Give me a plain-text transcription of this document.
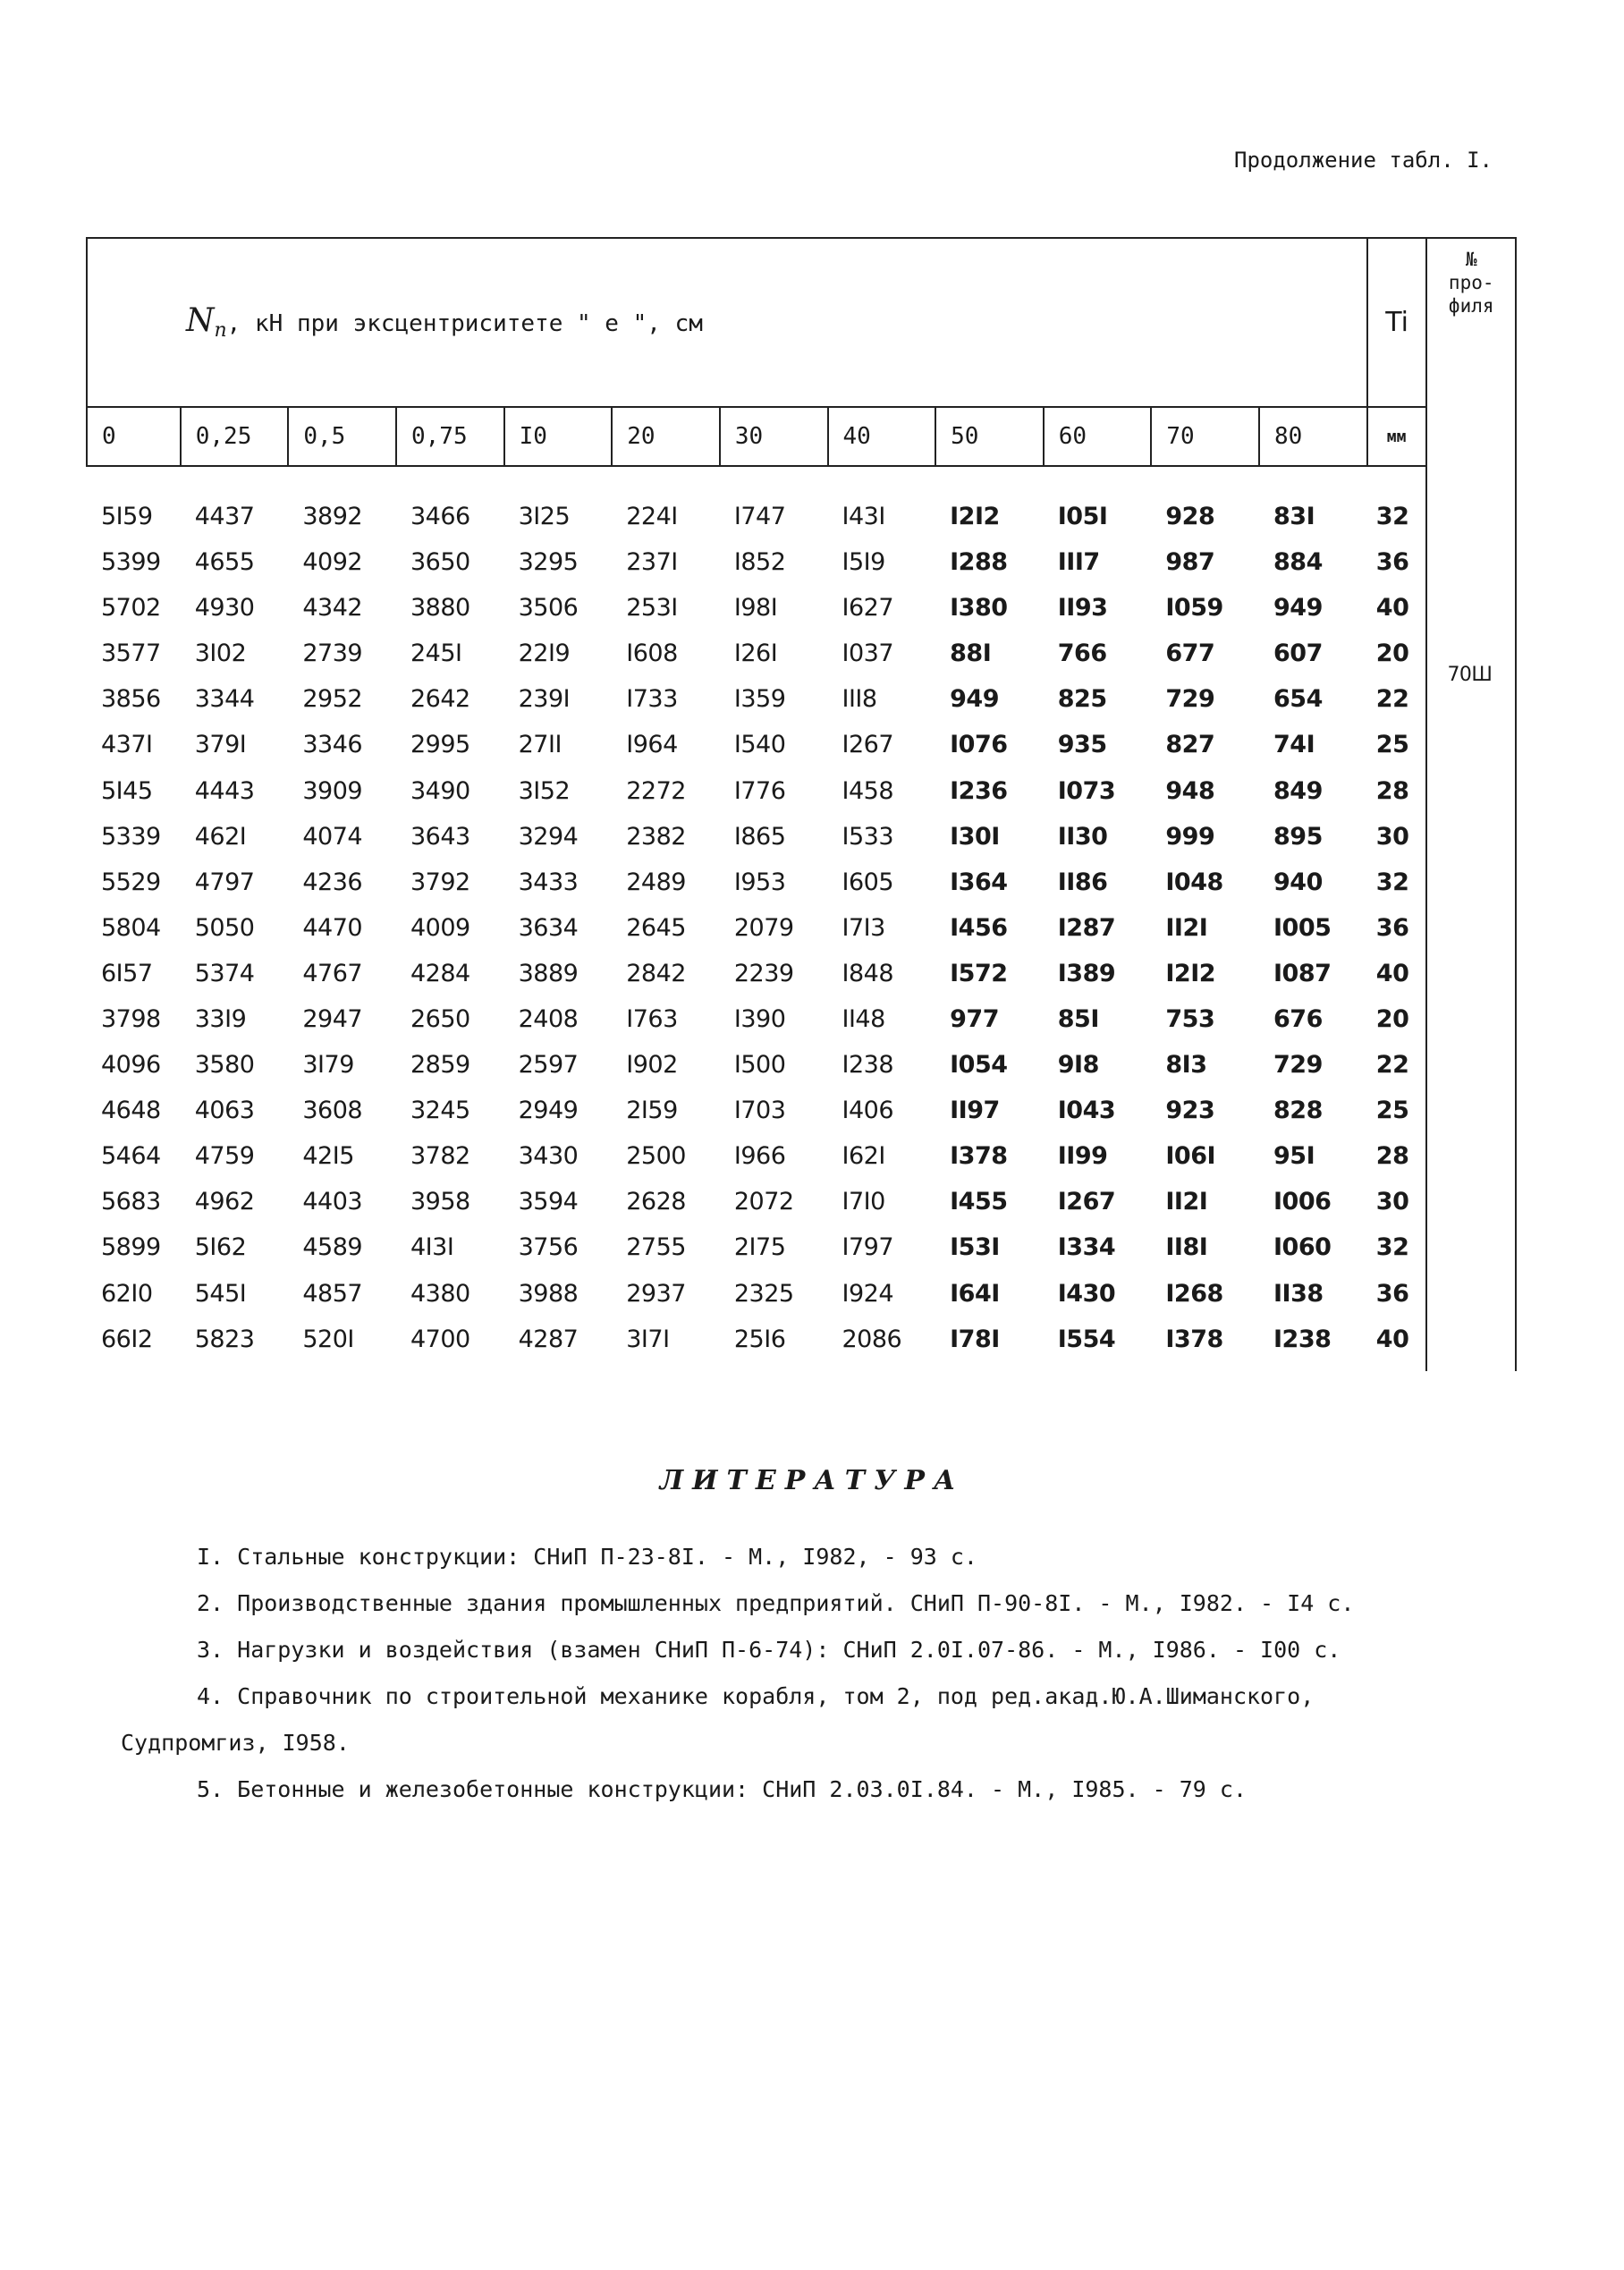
Продолжение табл. I.
$N_n$, кН при эксцентриситете " e ", см												Ti	№
про-
филя

0	0,25	0,5	0,75	I0	20	30	40	50	60	70	80	мм	
5I59	4437	3892	3466	3I25	224I	I747	I43I	I2I2	I05I	928	83I	32	70Ш

5399	4655	4092	3650	3295	237I	I852	I5I9	I288	III7	987	884	36	
5702	4930	4342	3880	3506	253I	I98I	I627	I380	II93	I059	949	40	
3577	3I02	2739	245I	22I9	I608	I26I	I037	88I	766	677	607	20	
3856	3344	2952	2642	239I	I733	I359	III8	949	825	729	654	22	
437I	379I	3346	2995	27II	I964	I540	I267	I076	935	827	74I	25	
5I45	4443	3909	3490	3I52	2272	I776	I458	I236	I073	948	849	28	
5339	462I	4074	3643	3294	2382	I865	I533	I30I	II30	999	895	30	
5529	4797	4236	3792	3433	2489	I953	I605	I364	II86	I048	940	32	
5804	5050	4470	4009	3634	2645	2079	I7I3	I456	I287	II2I	I005	36	
6I57	5374	4767	4284	3889	2842	2239	I848	I572	I389	I2I2	I087	40	
3798	33I9	2947	2650	2408	I763	I390	II48	977	85I	753	676	20	
4096	3580	3I79	2859	2597	I902	I500	I238	I054	9I8	8I3	729	22	
4648	4063	3608	3245	2949	2I59	I703	I406	II97	I043	923	828	25	
5464	4759	42I5	3782	3430	2500	I966	I62I	I378	II99	I06I	95I	28	
5683	4962	4403	3958	3594	2628	2072	I7I0	I455	I267	II2I	I006	30	
5899	5I62	4589	4I3I	3756	2755	2I75	I797	I53I	I334	II8I	I060	32	
62I0	545I	4857	4380	3988	2937	2325	I924	I64I	I430	I268	II38	36	
66I2	5823	520I	4700	4287	3I7I	25I6	2086	I78I	I554	I378	I238	40	
ЛИТЕРАТУРА
I. Стальные конструкции: СНиП П-23-8I. - М., I982, - 93 с.
2. Производственные здания промышленных предприятий. СНиП П-90-8I. - М., I982. - I4 с.
3. Нагрузки и воздействия (взамен СНиП П-6-74): СНиП 2.0I.07-86. - М., I986. - I00 с.
4. Справочник по строительной механике корабля, том 2, под ред.акад.Ю.А.Шиманcкого,
Судпромгиз, I958.
5. Бетонные и железобетонные конструкции: СНиП 2.03.0I.84. - М., I985. - 79 с.
